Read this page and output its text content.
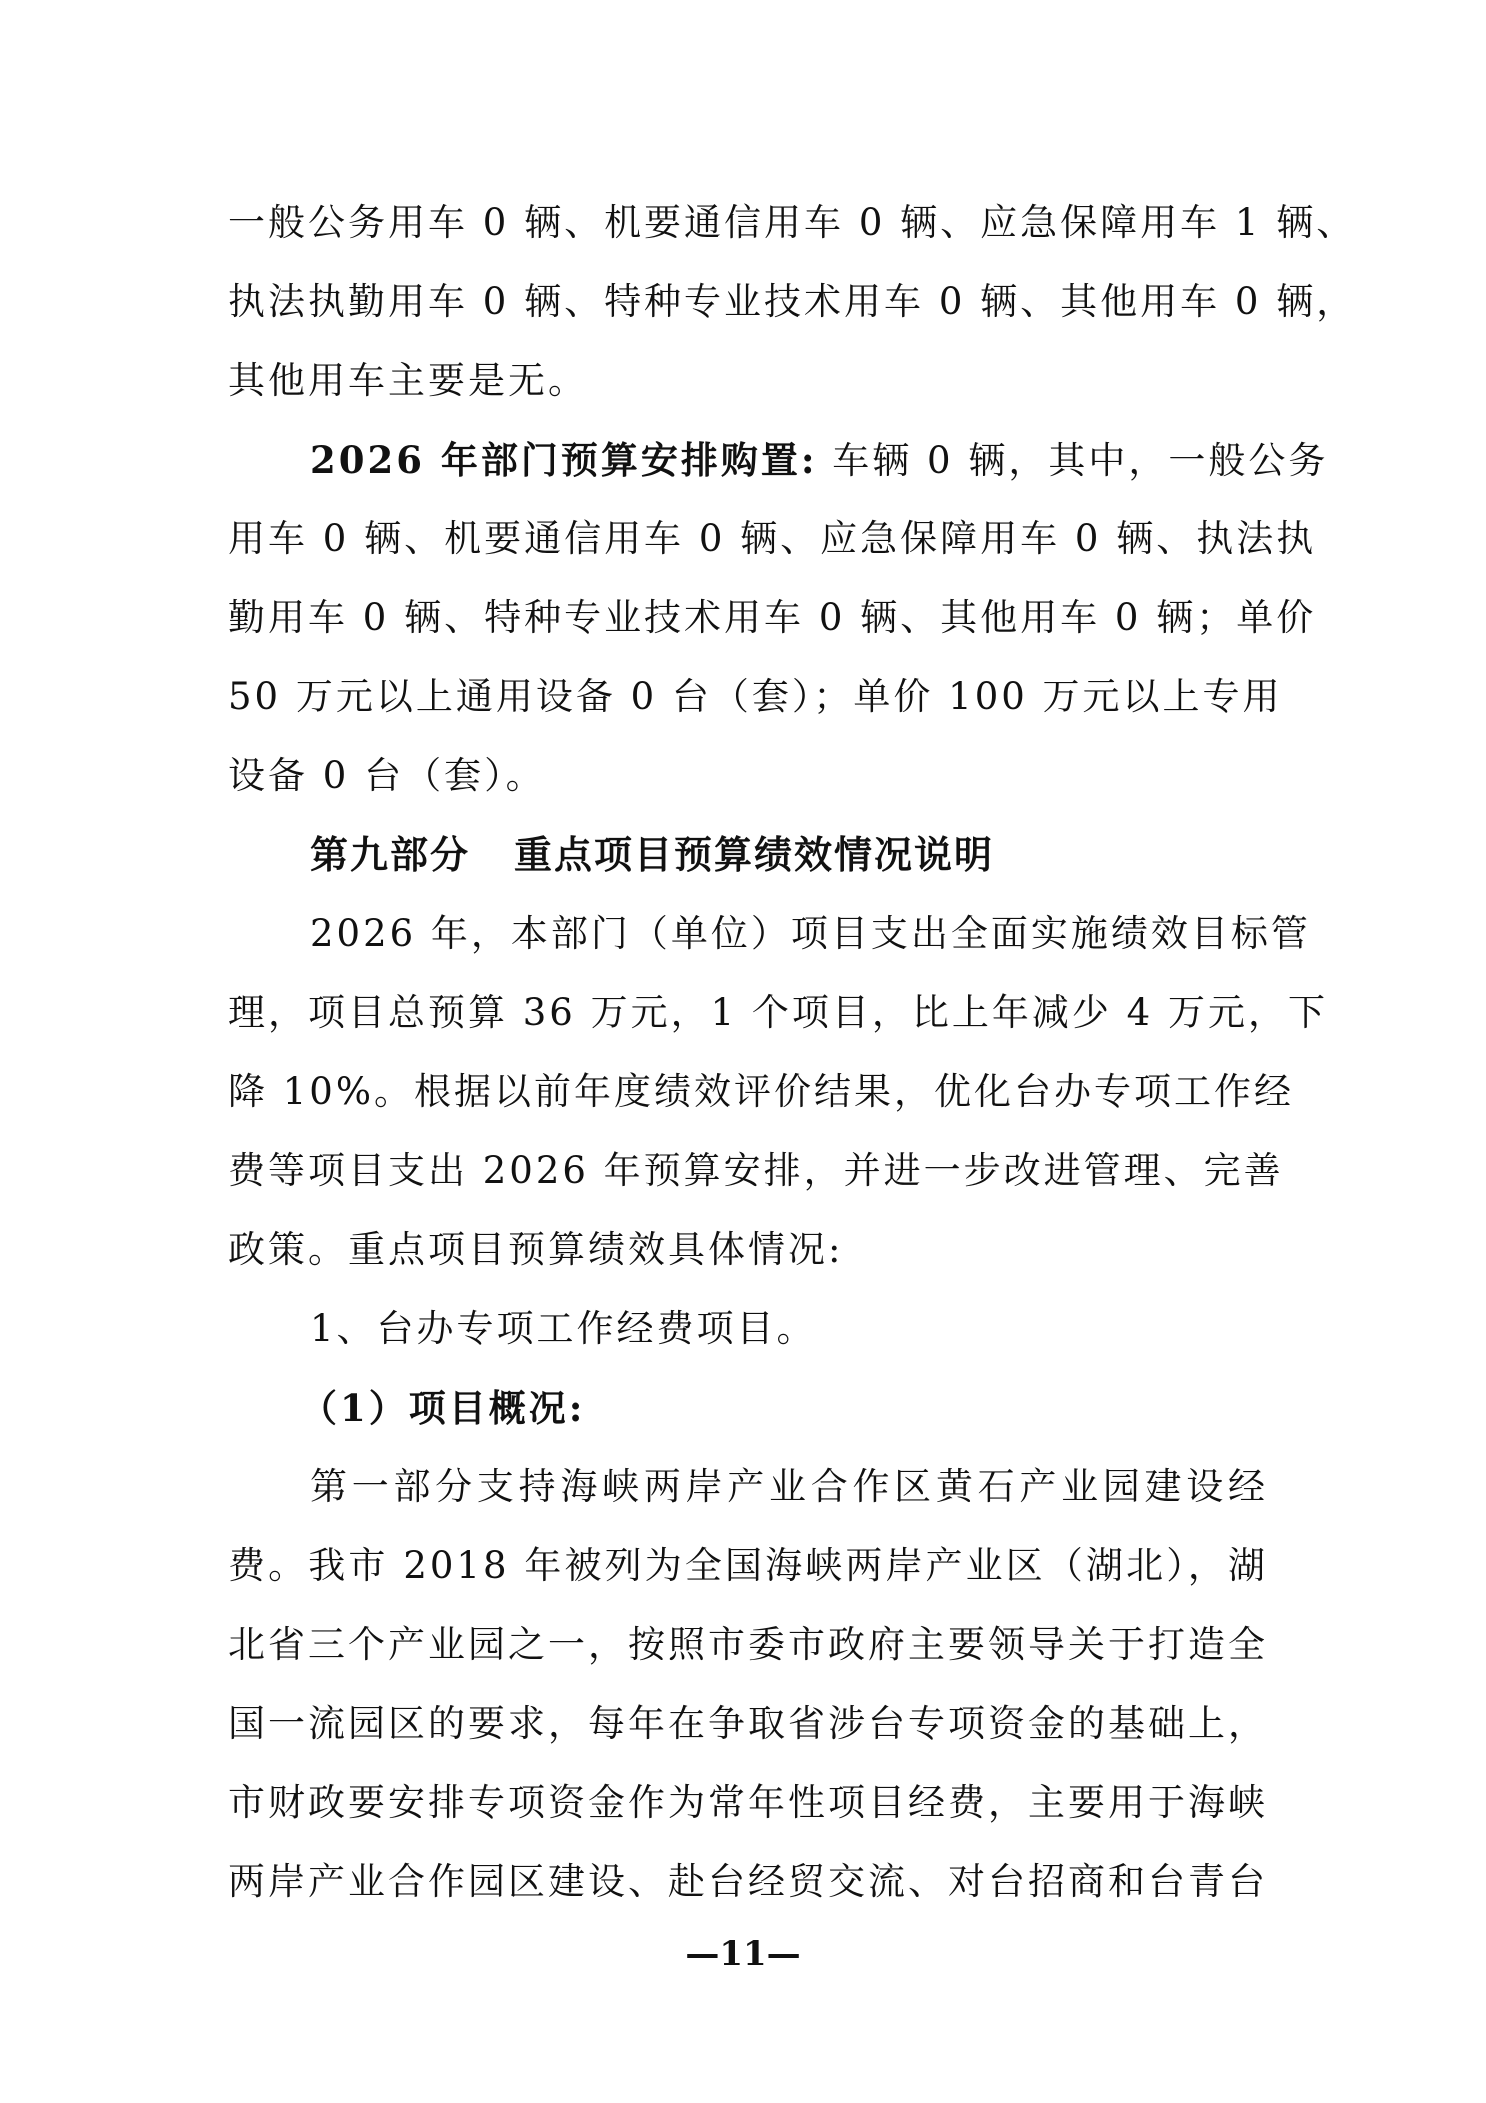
一般公务用车 0 辆、机要通信用车 0 辆、应急保障用车 1 辆、
执法执勤用车 0 辆、特种专业技术用车 0 辆、其他用车 0 辆，
其他用车主要是无。
2026 年部门预算安排购置: 车辆 0 辆，其中，一般公务
用车 0 辆、机要通信用车 0 辆、应急保障用车 0 辆、执法执
勤用车 0 辆、特种专业技术用车 0 辆、其他用车 0 辆；单价
50 万元以上通用设备 0 台（套）；单价 100 万元以上专用
设备 0 台（套）。
第九部分 重点项目预算绩效情况说明
2026 年，本部门（单位）项目支出全面实施绩效目标管
理，项目总预算 36 万元，1 个项目，比上年减少 4 万元，下
降 10%。根据以前年度绩效评价结果，优化台办专项工作经
费等项目支出 2026 年预算安排，并进一步改进管理、完善
政策。重点项目预算绩效具体情况:
1、台办专项工作经费项目。
（1）项目概况:
第一部分支持海峡两岸产业合作区黄石产业园建设经
费。我市 2018 年被列为全国海峡两岸产业区（湖北），湖
北省三个产业园之一，按照市委市政府主要领导关于打造全
国一流园区的要求，每年在争取省涉台专项资金的基础上，
市财政要安排专项资金作为常年性项目经费，主要用于海峡
两岸产业合作园区建设、赴台经贸交流、对台招商和台青台
—11—
